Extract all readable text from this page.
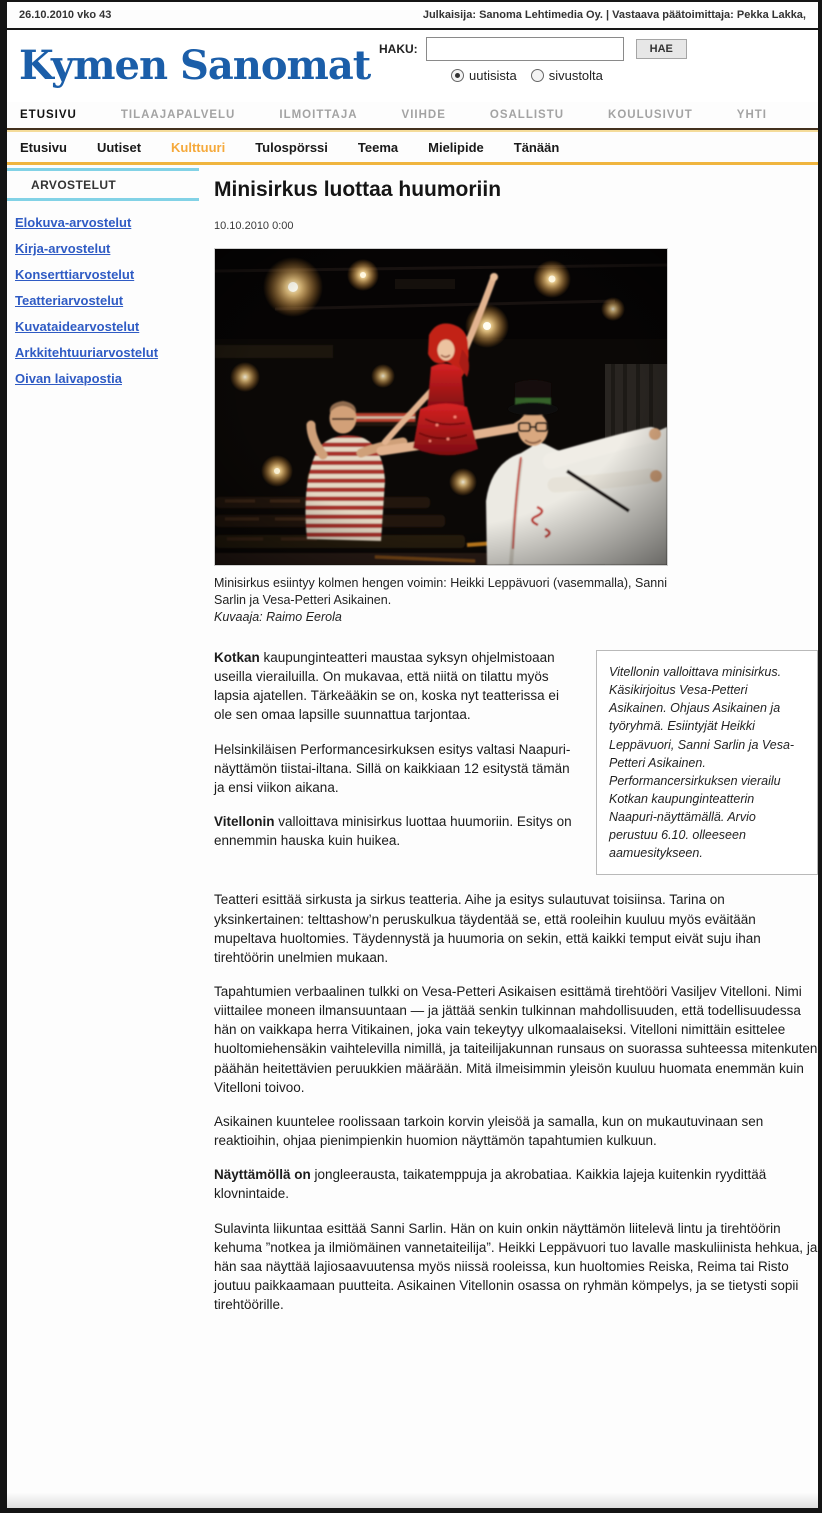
26.10.2010 vko 43	Julkaisija: Sanoma Lehtimedia Oy. | Vastaava päätoimittaja: Pekka Lakka,
Kymen Sanomat HAKU:	HAE
uutisista sivustolta
ETUSIVU	TILAAJAPALVELU	ILMOITTAJA	VIIHDE	OSALLISTU	KOULUSIVUT	YHTI
Etusivu Uutiset Kulttuuri Tulospörssi Teema Mielipide Tänään
ARVOSTELUT
Elokuva-arvostelut
Kirja-arvostelut
Konserttiarvostelut
Teatteriarvostelut
Kuvataidearvostelut
Arkkitehtuuriarvostelut
Oivan laivapostia
Minisirkus luottaa huumoriin
10.10.2010 0:00
Minisirkus esiintyy kolmen hengen voimin: Heikki Leppävuori (vasemmalla), Sanni Sarlin ja Vesa-Petteri Asikainen.
Kuvaaja: Raimo Eerola
Vitellonin valloittava minisirkus. Käsikirjoitus Vesa-Petteri Asikainen. Ohjaus Asikainen ja työryhmä. Esiintyjät Heikki Leppävuori, Sanni Sarlin ja Vesa-Petteri Asikainen. Performancersirkuksen vierailu Kotkan kaupunginteatterin Naapuri-näyttämällä. Arvio perustuu 6.10. olleeseen aamuesitykseen.

Kotkan kaupunginteatteri maustaa syksyn ohjelmistoaan useilla vierailuilla. On mukavaa, että niitä on tilattu myös lapsia ajatellen. Tärkeääkin se on, koska nyt teatterissa ei ole sen omaa lapsille suunnattua tarjontaa.

Helsinkiläisen Performancesirkuksen esitys valtasi Naapuri-näyttämön tiistai-iltana. Sillä on kaikkiaan 12 esitystä tämän ja ensi viikon aikana.

Vitellonin valloittava minisirkus luottaa huumoriin. Esitys on ennemmin hauska kuin huikea.

Teatteri esittää sirkusta ja sirkus teatteria. Aihe ja esitys sulautuvat toisiinsa. Tarina on yksinkertainen: telttashow’n peruskulkua täydentää se, että rooleihin kuuluu myös eväitään mupeltava huoltomies. Täydennystä ja huumoria on sekin, että kaikki temput eivät suju ihan tirehtöörin unelmien mukaan.

Tapahtumien verbaalinen tulkki on Vesa-Petteri Asikaisen esittämä tirehtööri Vasiljev Vitelloni. Nimi viittailee moneen ilmansuuntaan — ja jättää senkin tulkinnan mahdollisuuden, että todellisuudessa hän on vaikkapa herra Vitikainen, joka vain tekeytyy ulkomaalaiseksi. Vitelloni nimittäin esittelee huoltomiehensäkin vaihtelevilla nimillä, ja taiteilijakunnan runsaus on suorassa suhteessa mitenkuten päähän heitettävien peruukkien määrään. Mitä ilmeisimmin yleisön kuuluu huomata enemmän kuin Vitelloni toivoo.

Asikainen kuuntelee roolissaan tarkoin korvin yleisöä ja samalla, kun on mukautuvinaan sen reaktioihin, ohjaa pienimpienkin huomion näyttämön tapahtumien kulkuun.

Näyttämöllä on jongleerausta, taikatemppuja ja akrobatiaa. Kaikkia lajeja kuitenkin ryydittää klovnintaide.

Sulavinta liikuntaa esittää Sanni Sarlin. Hän on kuin onkin näyttämön liitelevä lintu ja tirehtöörin kehuma ”notkea ja ilmiömäinen vannetaiteilija”. Heikki Leppävuori tuo lavalle maskuliinista hehkua, ja hän saa näyttää lajiosaavuutensa myös niissä rooleissa, kun huoltomies Reiska, Reima tai Risto joutuu paikkaamaan puutteita. Asikainen Vitellonin osassa on ryhmän kömpelys, ja se tietysti sopii tirehtöörille.
